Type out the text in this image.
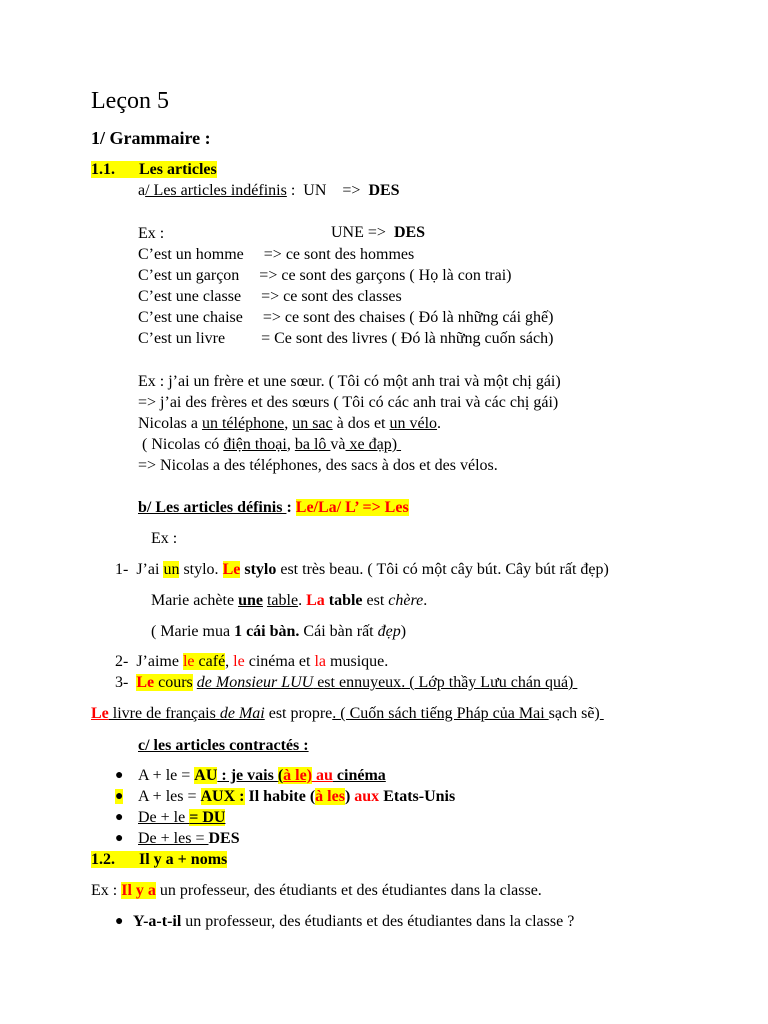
Leçon 5
1/ Grammaire :
1.1. Les articles
a/ Les articles indéfinis :  UN    =>  DES

UNE =>  DES

Ex :
C’est un homme     => ce sont des hommes
C’est un garçon     => ce sont des garçons ( Họ là con trai)
C’est une classe     => ce sont des classes
C’est une chaise     => ce sont des chaises ( Đó là những cái ghế)
C’est un livre         = Ce sont des livres ( Đó là những cuốn sách)
Ex : j’ai un frère et une sœur. ( Tôi có một anh trai và một chị gái)
=> j’ai des frères et des sœurs ( Tôi có các anh trai và các chị gái)
Nicolas a un téléphone, un sac à dos et un vélo.
( Nicolas có điện thoại, ba lô và xe đạp)
=> Nicolas a des téléphones, des sacs à dos et des vélos.
b/ Les articles définis : Le/La/ L’ => Les
Ex :
1- J’ai un stylo. Le stylo est très beau. ( Tôi có một cây bút. Cây bút rất đẹp)
Marie achète une table. La table est chère.
( Marie mua 1 cái bàn. Cái bàn rất đẹp)
2- J’aime le café, le cinéma et la musique.
3- Le cours de Monsieur LUU est ennuyeux. ( Lớp thầy Lưu chán quá)
Le livre de français de Mai est propre. ( Cuốn sách tiếng Pháp của Mai sạch sẽ)
c/ les articles contractés :
● A + le = AU : je vais (à le) au cinéma
● A + les = AUX : Il habite (à les) aux Etats-Unis
● De + le = DU
● De + les = DES
1.2. Il y a + noms
Ex : Il y a un professeur, des étudiants et des étudiantes dans la classe.
● Y-a-t-il un professeur, des étudiants et des étudiantes dans la classe ?
